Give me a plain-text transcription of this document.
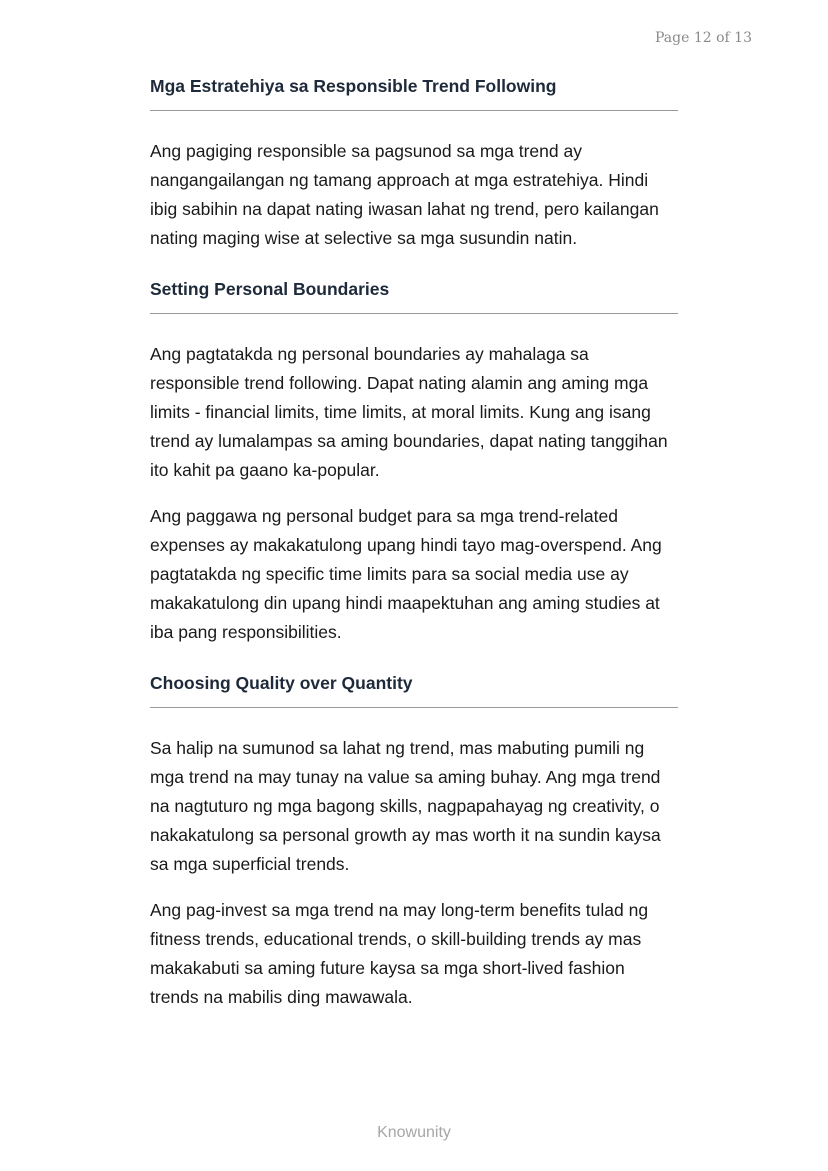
Page 12 of 13
Mga Estratehiya sa Responsible Trend Following

Ang pagiging responsible sa pagsunod sa mga trend ay nangangailangan ng tamang approach at mga estratehiya. Hindi ibig sabihin na dapat nating iwasan lahat ng trend, pero kailangan nating maging wise at selective sa mga susundin natin.

Setting Personal Boundaries

Ang pagtatakda ng personal boundaries ay mahalaga sa responsible trend following. Dapat nating alamin ang aming mga limits - financial limits, time limits, at moral limits. Kung ang isang trend ay lumalampas sa aming boundaries, dapat nating tanggihan ito kahit pa gaano ka-popular.

Ang paggawa ng personal budget para sa mga trend-related expenses ay makakatulong upang hindi tayo mag-overspend. Ang pagtatakda ng specific time limits para sa social media use ay makakatulong din upang hindi maapektuhan ang aming studies at iba pang responsibilities.

Choosing Quality over Quantity

Sa halip na sumunod sa lahat ng trend, mas mabuting pumili ng mga trend na may tunay na value sa aming buhay. Ang mga trend na nagtuturo ng mga bagong skills, nagpapahayag ng creativity, o nakakatulong sa personal growth ay mas worth it na sundin kaysa sa mga superficial trends.

Ang pag-invest sa mga trend na may long-term benefits tulad ng fitness trends, educational trends, o skill-building trends ay mas makakabuti sa aming future kaysa sa mga short-lived fashion trends na mabilis ding mawawala.

Knowunity
